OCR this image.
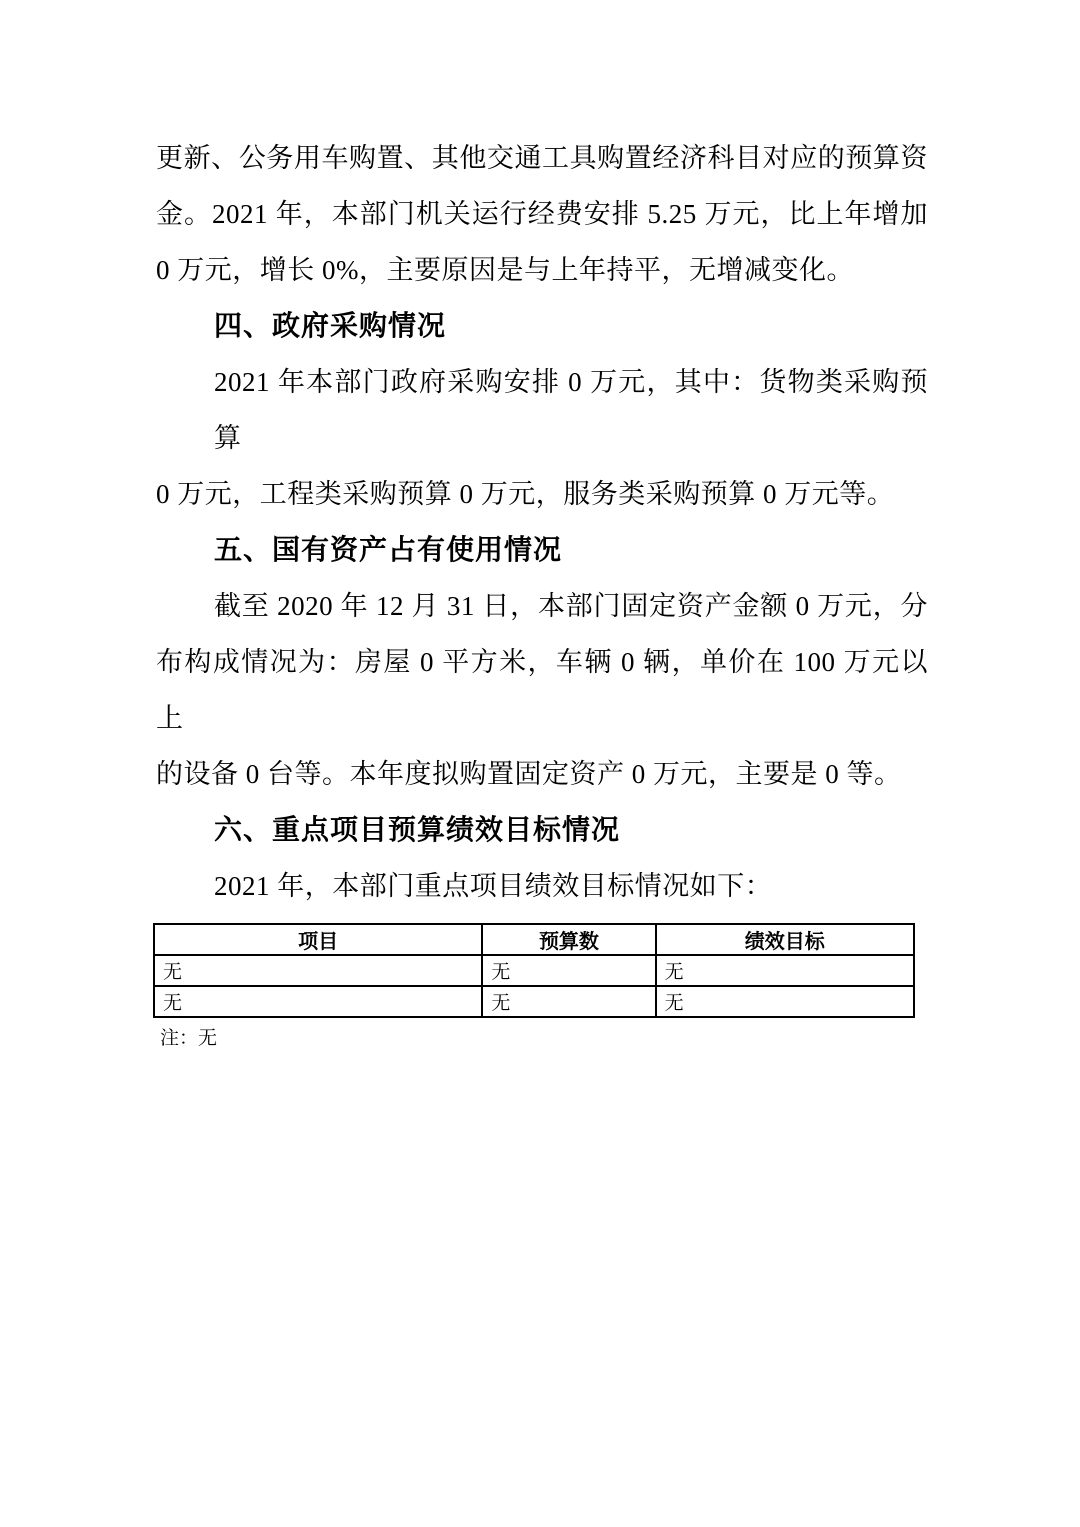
更新、公务用车购置、其他交通工具购置经济科目对应的预算资
金。2021 年，本部门机关运行经费安排 5.25 万元，比上年增加
0 万元，增长 0%，主要原因是与上年持平，无增减变化。
四、政府采购情况
2021 年本部门政府采购安排 0 万元，其中：货物类采购预算
0 万元，工程类采购预算 0 万元，服务类采购预算 0 万元等。
五、国有资产占有使用情况
截至 2020 年 12 月 31 日，本部门固定资产金额 0 万元，分
布构成情况为：房屋 0 平方米，车辆 0 辆，单价在 100 万元以上
的设备 0 台等。本年度拟购置固定资产 0 万元，主要是 0 等。
六、重点项目预算绩效目标情况
2021 年，本部门重点项目绩效目标情况如下：
项目	预算数	绩效目标
无	无	无
无	无	无
注：无
